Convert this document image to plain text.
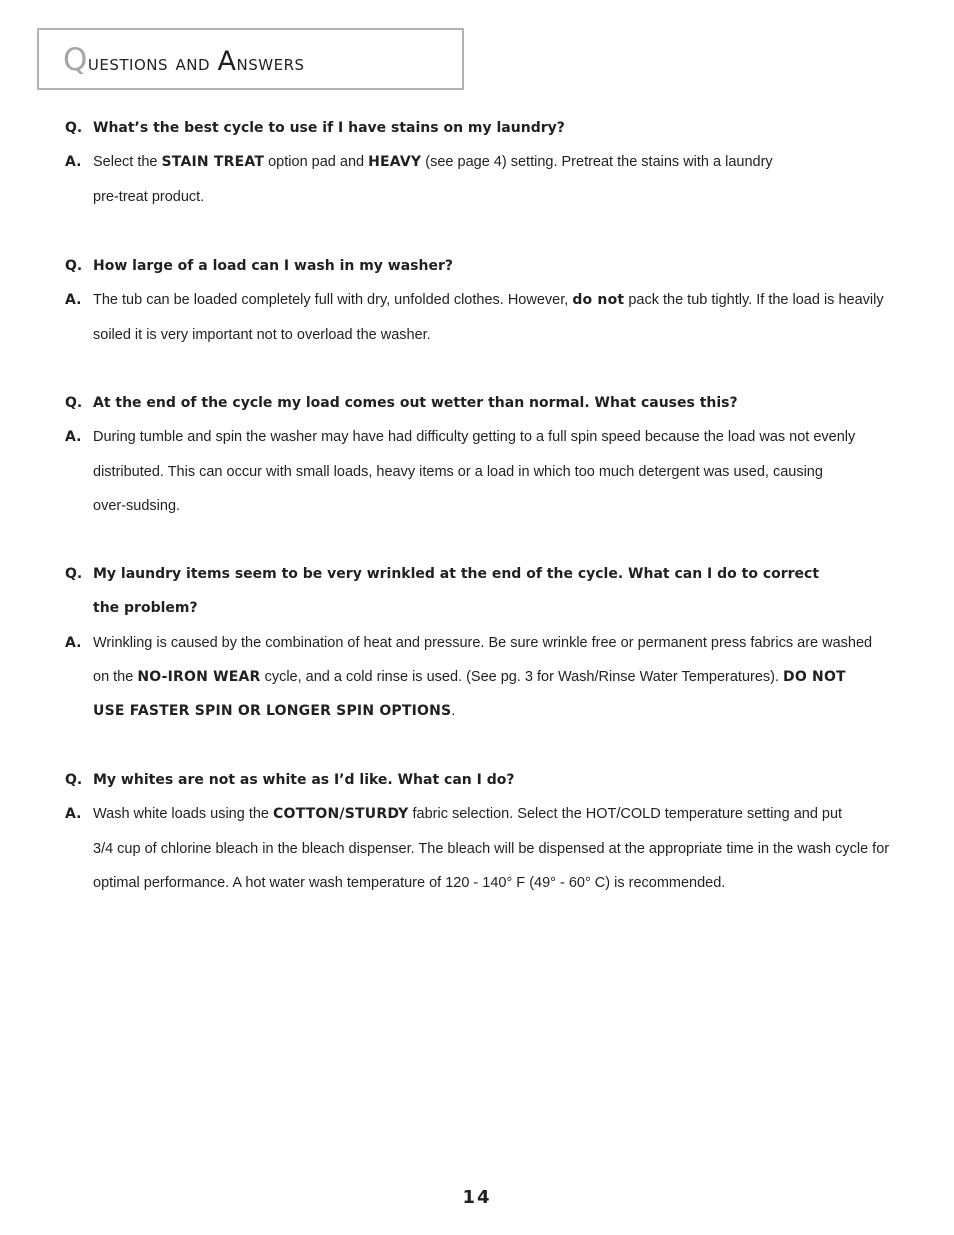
Questions and Answers
Q. What’s the best cycle to use if I have stains on my laundry?
A. Select the STAIN TREAT option pad and HEAVY (see page 4) setting. Pretreat the stains with a laundry
pre-treat product.
Q. How large of a load can I wash in my washer?
A. The tub can be loaded completely full with dry, unfolded clothes. However, do not pack the tub tightly. If the load is heavily
soiled it is very important not to overload the washer.
Q. At the end of the cycle my load comes out wetter than normal. What causes this?
A. During tumble and spin the washer may have had difficulty getting to a full spin speed because the load was not evenly
distributed. This can occur with small loads, heavy items or a load in which too much detergent was used, causing
over-sudsing.
Q. My laundry items seem to be very wrinkled at the end of the cycle. What can I do to correct
the problem?
A. Wrinkling is caused by the combination of heat and pressure. Be sure wrinkle free or permanent press fabrics are washed
on the NO-IRON WEAR cycle, and a cold rinse is used. (See pg. 3 for Wash/Rinse Water Temperatures). DO NOT
USE FASTER SPIN OR LONGER SPIN OPTIONS.
Q. My whites are not as white as I’d like. What can I do?
A. Wash white loads using the COTTON/STURDY fabric selection. Select the HOT/COLD temperature setting and put
3/4 cup of chlorine bleach in the bleach dispenser. The bleach will be dispensed at the appropriate time in the wash cycle for
optimal performance. A hot water wash temperature of 120 - 140° F (49° - 60° C) is recommended.
14
